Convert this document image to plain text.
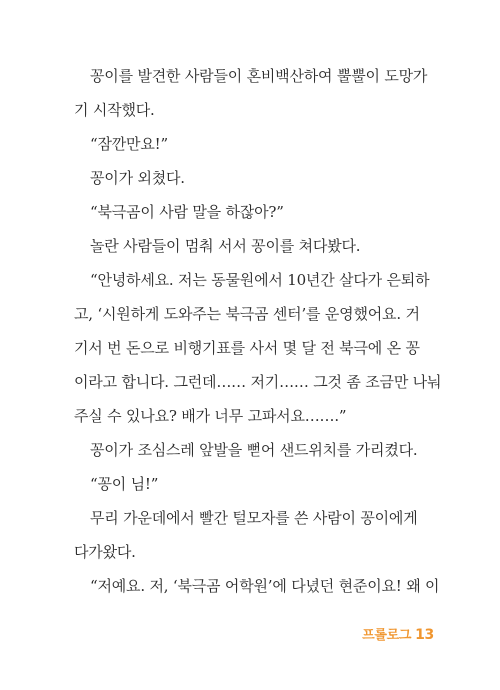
꽁이를 발견한 사람들이 혼비백산하여 뿔뿔이 도망가
기 시작했다.
“잠깐만요!”
꽁이가 외쳤다.
“북극곰이 사람 말을 하잖아?”
놀란 사람들이 멈춰 서서 꽁이를 쳐다봤다.
“안녕하세요. 저는 동물원에서 10년간 살다가 은퇴하
고, ‘시원하게 도와주는 북극곰 센터’를 운영했어요. 거
기서 번 돈으로 비행기표를 사서 몇 달 전 북극에 온 꽁
이라고 합니다. 그런데…… 저기…… 그것 좀 조금만 나눠
주실 수 있나요? 배가 너무 고파서요…….”
꽁이가 조심스레 앞발을 뻗어 샌드위치를 가리켰다.
“꽁이 님!”
무리 가운데에서 빨간 털모자를 쓴 사람이 꽁이에게
다가왔다.
“저예요. 저, ‘북극곰 어학원’에 다녔던 현준이요! 왜 이
프롤로그 13
